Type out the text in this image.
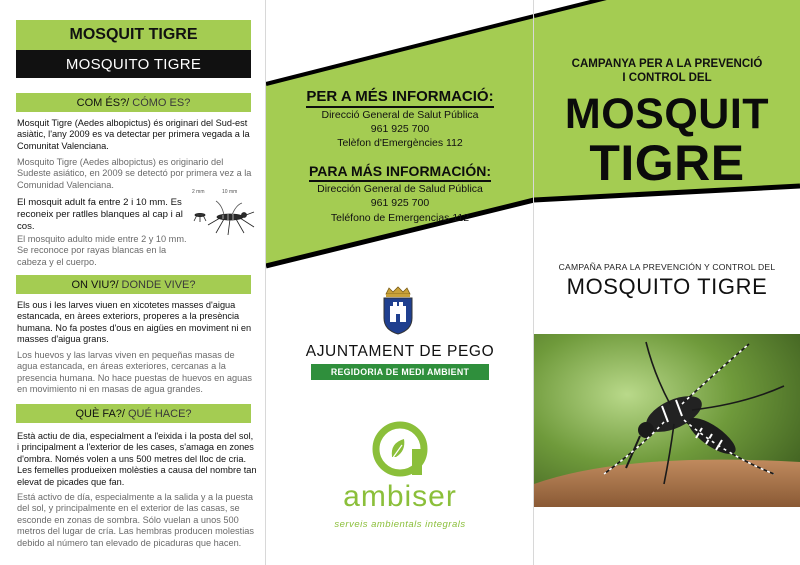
MOSQUIT TIGRE
MOSQUITO TIGRE
COM ÉS?/ CÓMO ES?
Mosquit Tigre (Aedes albopictus) és originari del Sud-est asiàtic, l'any 2009 es va detectar per primera vegada a la Comunitat Valenciana.
Mosquito Tigre (Aedes albopictus) es originario del Sudeste asiático, en 2009 se detectó por primera vez a la Comunidad Valenciana.
El mosquit adult fa entre 2 i 10 mm. Es reconeix per ratlles blanques al cap i al cos.
El mosquito adulto mide entre 2 y 10 mm. Se reconoce por rayas blancas en la cabeza y el cuerpo.
2 mm	10 mm
ON VIU?/ DONDE VIVE?
Els ous i les larves viuen en xicotetes masses d'aigua estancada, en àrees exteriors, properes a la presència humana. No fa postes d'ous en aigües en moviment ni en masses d'aigua grans.
Los huevos y las larvas viven en pequeñas masas de agua estancada, en áreas exteriores, cercanas a la presencia humana. No hace puestas de huevos en aguas en movimiento ni en masas de agua grandes.
QUÈ FA?/ QUÉ HACE?
Està actiu de dia, especialment a l'eixida i la posta del sol, i principalment a l'exterior de les cases, s'amaga en zones d'ombra. Només volen a uns 500 metres del lloc de cria. Les femelles produeixen molèsties a causa del nombre tan elevat de picades que fan.
Está activo de día, especialmente a la salida y a la puesta del sol, y principalmente en el exterior de las casas, se esconde en zonas de sombra. Sólo vuelan a unos 500 metros del lugar de cría. Las hembras producen molestias debido al número tan elevado de picaduras que hacen.
PER A MÉS INFORMACIÓ:
Direcció General de Salut Pública
961 925 700
Telèfon d'Emergències 112
PARA MÁS INFORMACIÓN:
Dirección General de Salud Pública
961 925 700
Teléfono de Emergencias 112
AJUNTAMENT DE PEGO
REGIDORIA DE MEDI AMBIENT
ambiser
serveis ambientals integrals
CAMPANYA PER A LA PREVENCIÓ
I CONTROL DEL
MOSQUIT
TIGRE
CAMPAÑA PARA LA PREVENCIÓN Y CONTROL DEL
MOSQUITO TIGRE
